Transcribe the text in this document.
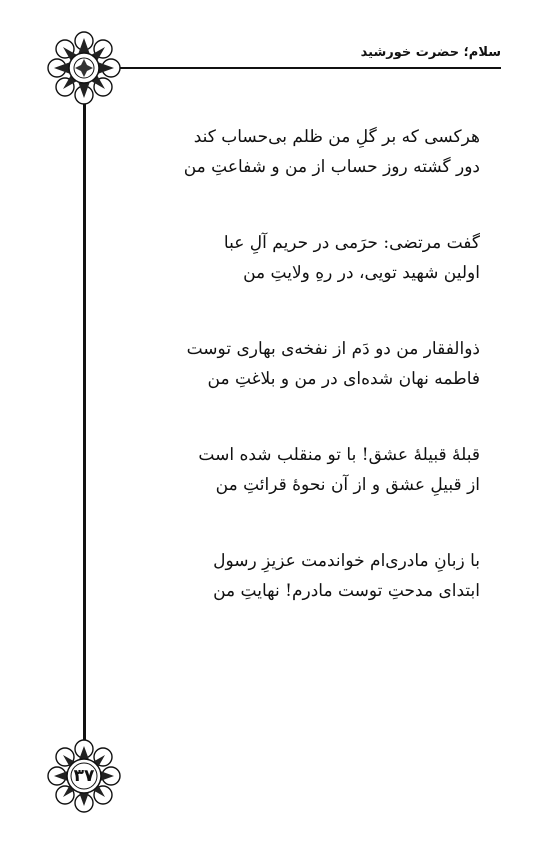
سلام؛ حضرت خورشید
هرکسی که بر گلِ من ظلم بی‌حساب کند
دور گشته روز حساب از من و شفاعتِ من
گفت مرتضی: حرَمی در حریم آلِ عبا
اولین شهید تویی، در رهِ ولایتِ من
ذوالفقار من دو دَم از نفخه‌ی بهاری توست
فاطمه نهان شده‌ای در من و بلاغتِ من
قبلهٔ قبیلهٔ عشق! با تو منقلب شده است
از قبیلِ عشق و از آن نحوهٔ قرائتِ من
با زبانِ مادری‌ام خواندمت عزیزِ رسول
ابتدای مدحتِ توست مادرم! نهایتِ من
۳۷
